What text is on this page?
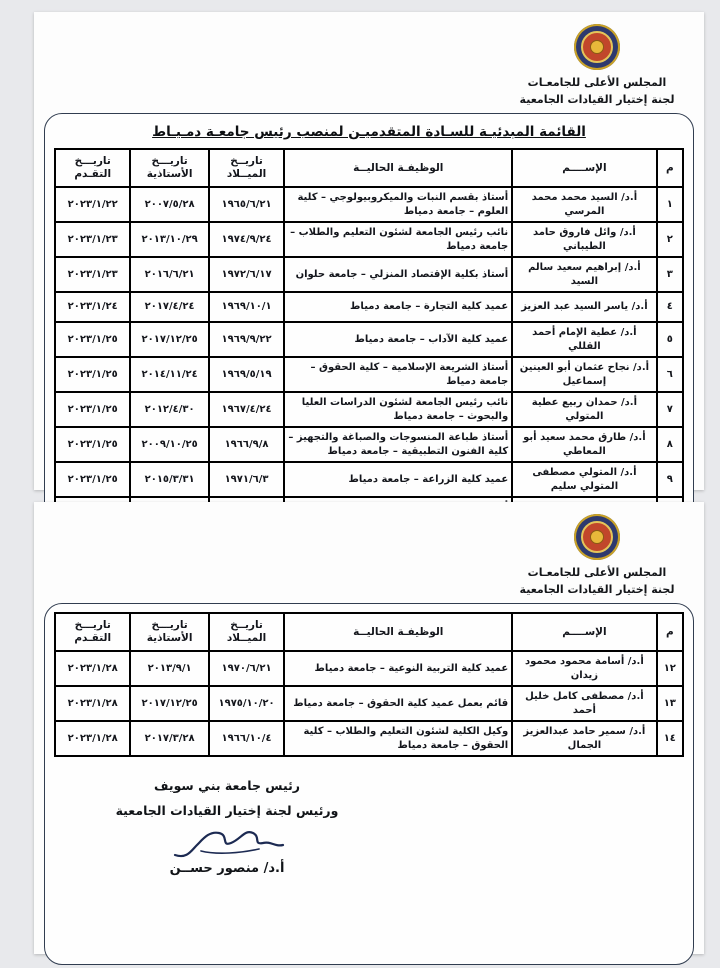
المجلس الأعلى للجامعـات
لجنة إختيار القيادات الجامعية
القائمة المبدئيـة للسـادة المتقدميـن لمنصب رئيس جامعـة دمـيـاط
م	الإســــم	الوظيفـة الحاليــة	تاريــخ الميــلاد	تاريـــخ الأستاذية	تاريـــخ التقـدم
١	أ.د/ السيد محمد محمد المرسي	أستاذ بقسم النبات والميكروبيولوجي – كلية العلوم – جامعة دمياط	١٩٦٥/٦/٢١	٢٠٠٧/٥/٢٨	٢٠٢٣/١/٢٢
٢	أ.د/ وائل فاروق حامد الطيباني	نائب رئيس الجامعة لشئون التعليم والطلاب – جامعة دمياط	١٩٧٤/٩/٢٤	٢٠١٣/١٠/٢٩	٢٠٢٣/١/٢٣
٣	أ.د/ إبراهيم سعيد سالم السيد	أستاذ بكلية الإقتصاد المنزلي – جامعة حلوان	١٩٧٢/٦/١٧	٢٠١٦/٦/٢١	٢٠٢٣/١/٢٣
٤	أ.د/ ياسر السيد عبد العزيز	عميد كلية التجارة – جامعة دمياط	١٩٦٩/١٠/١	٢٠١٧/٤/٢٤	٢٠٢٣/١/٢٤
٥	أ.د/ عطية الإمام أحمد القللي	عميد كلية الآداب – جامعة دمياط	١٩٦٩/٩/٢٢	٢٠١٧/١٢/٢٥	٢٠٢٣/١/٢٥
٦	أ.د/ نجاح عثمان أبو العينين إسماعيل	أستاذ الشريعة الإسلامية – كلية الحقوق – جامعة دمياط	١٩٦٩/٥/١٩	٢٠١٤/١١/٢٤	٢٠٢٣/١/٢٥
٧	أ.د/ حمدان ربيع عطية المتولي	نائب رئيس الجامعة لشئون الدراسات العليا والبحوث – جامعة دمياط	١٩٦٧/٤/٢٤	٢٠١٢/٤/٣٠	٢٠٢٣/١/٢٥
٨	أ.د/ طارق محمد سعيد أبو المعاطي	أستاذ طباعة المنسوجات والصباغة والتجهيز – كلية الفنون التطبيقية – جامعة دمياط	١٩٦٦/٩/٨	٢٠٠٩/١٠/٢٥	٢٠٢٣/١/٢٥
٩	أ.د/ المتولي مصطفى المتولي سليم	عميد كلية الزراعة – جامعة دمياط	١٩٧١/٦/٣	٢٠١٥/٣/٣١	٢٠٢٣/١/٢٥

المجلس الأعلى للجامعـات
لجنة إختيار القيادات الجامعية
م	الإســــم	الوظيفـة الحاليــة	تاريــخ الميــلاد	تاريـــخ الأستاذية	تاريـــخ التقـدم
١٢	أ.د/ أسامة محمود محمود زيدان	عميد كلية التربية النوعية – جامعة دمياط	١٩٧٠/٦/٢١	٢٠١٣/٩/١	٢٠٢٣/١/٢٨
١٣	أ.د/ مصطفى كامل خليل أحمد	قائم بعمل عميد كلية الحقوق – جامعة دمياط	١٩٧٥/١٠/٢٠	٢٠١٧/١٢/٢٥	٢٠٢٣/١/٢٨
١٤	أ.د/ سمير حامد عبدالعزيز الجمال	وكيل الكلية لشئون التعليم والطلاب – كلية الحقوق – جامعة دمياط	١٩٦٦/١٠/٤	٢٠١٧/٣/٢٨	٢٠٢٣/١/٢٨
رئيس جامعة بني سويف
ورئيس لجنة إختيار القيادات الجامعية
أ.د/ منصور حســن
